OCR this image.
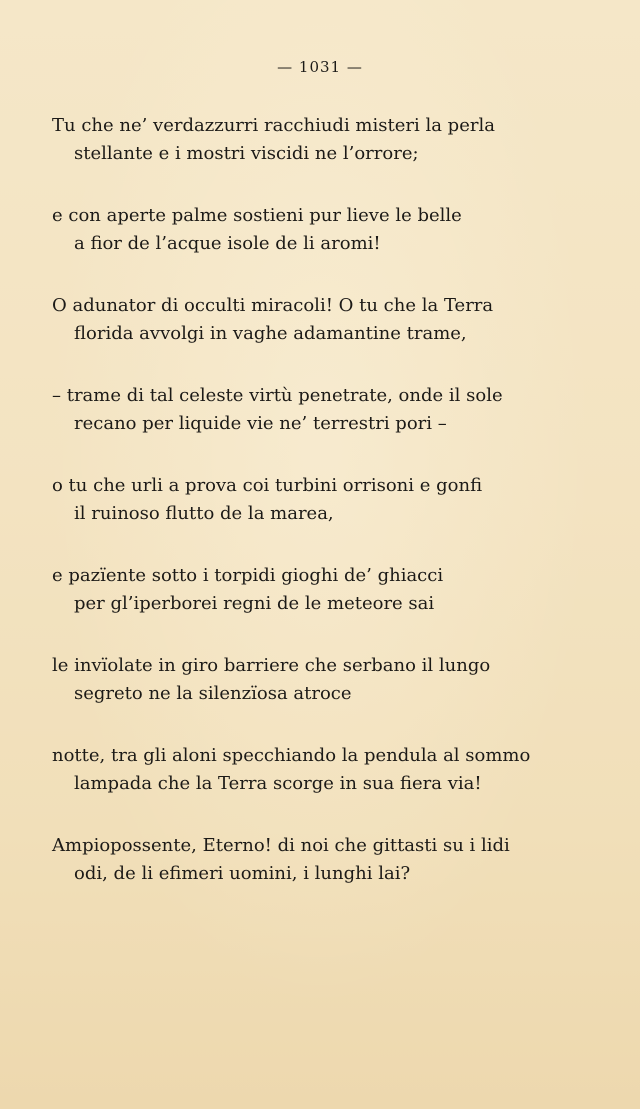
— 1031 —
Tu che ne’ verdazzurri racchiudi misteri la perla
stellante e i mostri viscidi ne l’orrore;
e con aperte palme sostieni pur lieve le belle
a fior de l’acque isole de li aromi!
O adunator di occulti miracoli! O tu che la Terra
florida avvolgi in vaghe adamantine trame,
– trame di tal celeste virtù penetrate, onde il sole
recano per liquide vie ne’ terrestri pori –
o tu che urli a prova coi turbini orrisoni e gonfi
il ruinoso flutto de la marea,
e pazïente sotto i torpidi gioghi de’ ghiacci
per gl’iperborei regni de le meteore sai
le invïolate in giro barriere che serbano il lungo
segreto ne la silenzïosa atroce
notte, tra gli aloni specchiando la pendula al sommo
lampada che la Terra scorge in sua fiera via!
Ampiopossente, Eterno! di noi che gittasti su i lidi
odi, de li efimeri uomini, i lunghi lai?
